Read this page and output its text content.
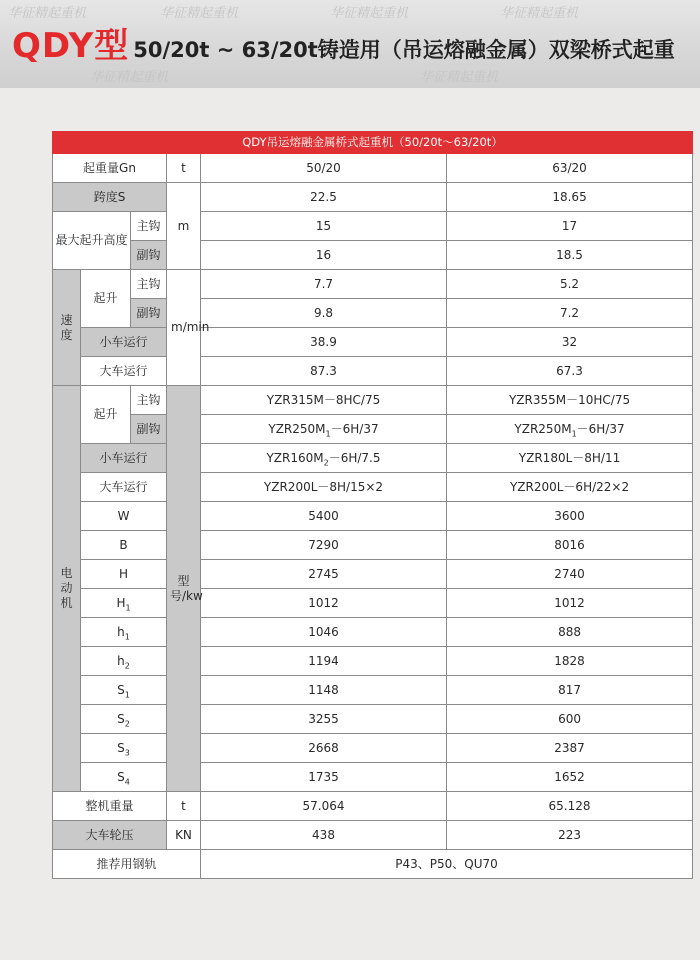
华征精起重机	华征精起重机	华征精起重机	华征精起重机
华征精起重机	华征精起重机
QDY型 50/20t ~ 63/20t铸造用（吊运熔融金属）双梁桥式起重
QDY吊运熔融金属桥式起重机（50/20t～63/20t）					
起重量Gn			t	50/20	63/20
跨度S			m	22.5	18.65
最大起升高度		主钩		15	17
		副钩		16	18.5
速度	起升	主钩	m/min	7.7	5.2
		副钩		9.8	7.2
	小车运行			38.9	32
	大车运行			87.3	67.3
电动机	起升	主钩	型号/kw	YZR315M－8HC/75	YZR355M－10HC/75
		副钩		$YZR250M_1-6H/37$	$YZR250M_1-6H/37$
	小车运行			$YZR160M_2-6H/7.5$	YZR180L－8H/11
	大车运行			YZR200L－8H/15×2	YZR200L－6H/22×2
	W			5400	3600
	B			7290	8016
	H			2745	2740
	$H_1$			1012	1012
	$h_1$			1046	888
	$h_2$			1194	1828
	$S_1$			1148	817
	$S_2$			3255	600
	$S_3$			2668	2387
	$S_4$			1735	1652
整机重量			t	57.064	65.128
大车轮压			KN	438	223
推荐用钢轨				P43、P50、QU70	
